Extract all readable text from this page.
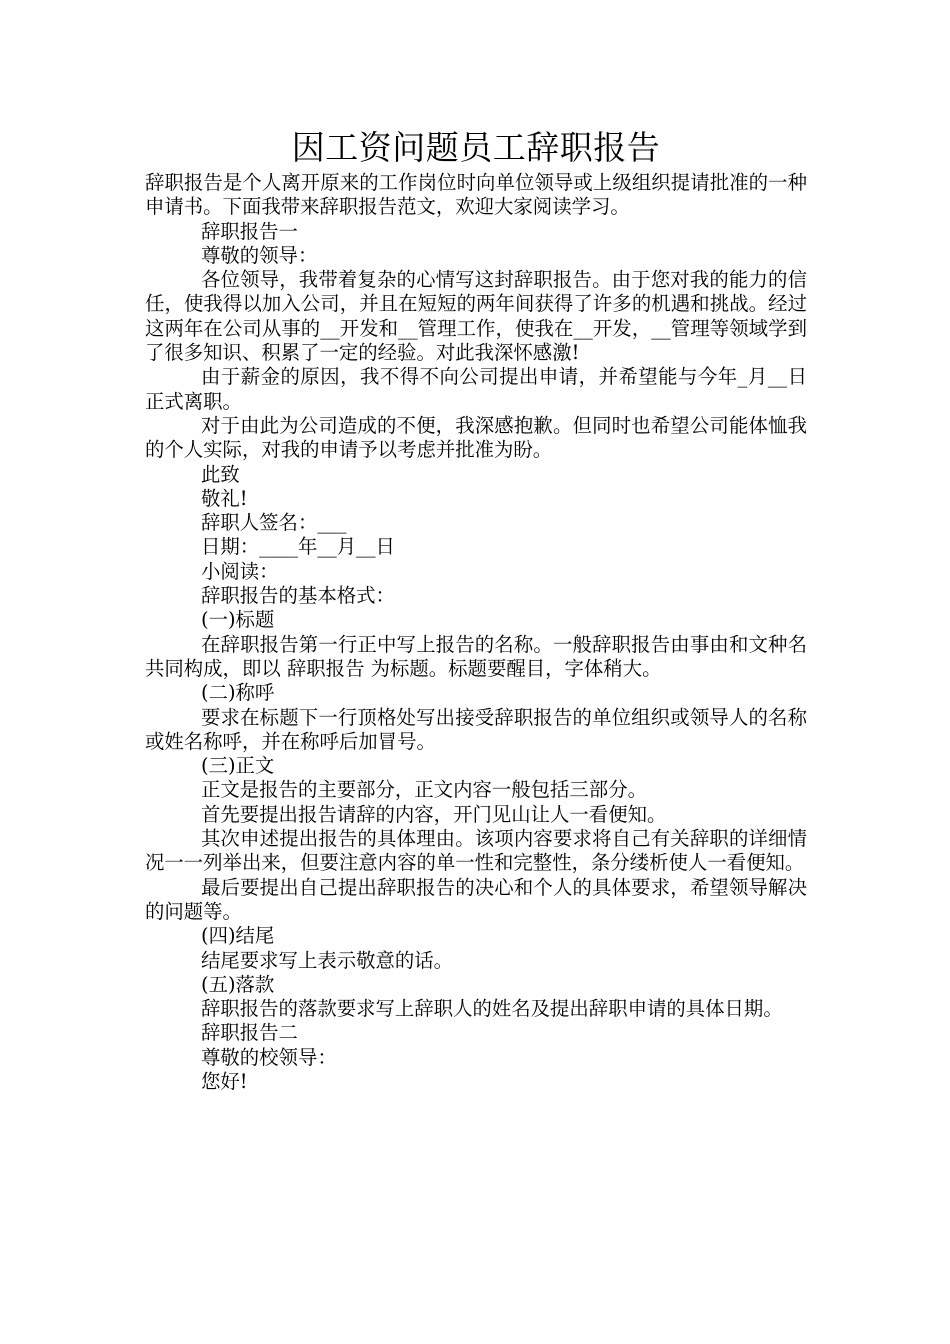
因工资问题员工辞职报告

辞职报告是个人离开原来的工作岗位时向单位领导或上级组织提请批准的一种申请书。下面我带来辞职报告范文，欢迎大家阅读学习。

辞职报告一

尊敬的领导：

各位领导，我带着复杂的心情写这封辞职报告。由于您对我的能力的信任，使我得以加入公司，并且在短短的两年间获得了许多的机遇和挑战。经过这两年在公司从事的__开发和__管理工作，使我在__开发，__管理等领域学到了很多知识、积累了一定的经验。对此我深怀感激!

由于薪金的原因，我不得不向公司提出申请，并希望能与今年_月__日正式离职。

对于由此为公司造成的不便，我深感抱歉。但同时也希望公司能体恤我的个人实际，对我的申请予以考虑并批准为盼。

此致

敬礼!

辞职人签名：___

日期：____年__月__日

小阅读：

辞职报告的基本格式：

(一)标题

在辞职报告第一行正中写上报告的名称。一般辞职报告由事由和文种名共同构成，即以 辞职报告 为标题。标题要醒目，字体稍大。

(二)称呼

要求在标题下一行顶格处写出接受辞职报告的单位组织或领导人的名称或姓名称呼，并在称呼后加冒号。

(三)正文

正文是报告的主要部分，正文内容一般包括三部分。

首先要提出报告请辞的内容，开门见山让人一看便知。

其次申述提出报告的具体理由。该项内容要求将自己有关辞职的详细情况一一列举出来，但要注意内容的单一性和完整性，条分缕析使人一看便知。

最后要提出自己提出辞职报告的决心和个人的具体要求，希望领导解决的问题等。

(四)结尾

结尾要求写上表示敬意的话。

(五)落款

辞职报告的落款要求写上辞职人的姓名及提出辞职申请的具体日期。

辞职报告二

尊敬的校领导：

您好!
